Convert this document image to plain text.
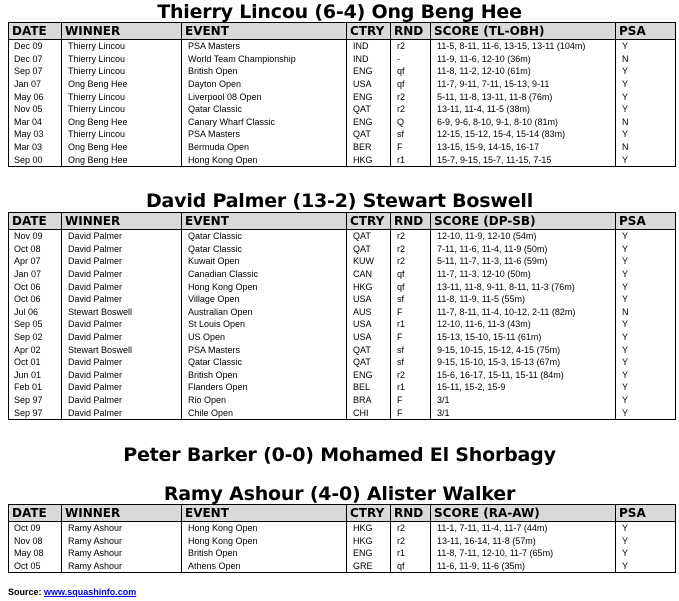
Thierry Lincou (6-4) Ong Beng Hee
DATE	WINNER	EVENT	CTRY	RND	SCORE (TL-OBH)	PSA
Dec 09	Thierry Lincou	PSA Masters	IND	r2	11-5, 8-11, 11-6, 13-15, 13-11 (104m)	Y
Dec 07	Thierry Lincou	World Team Championship	IND	-	11-9, 11-6, 12-10 (36m)	N
Sep 07	Thierry Lincou	British Open	ENG	qf	11-8, 11-2, 12-10 (61m)	Y
Jan 07	Ong Beng Hee	Dayton Open	USA	qf	11-7, 9-11, 7-11, 15-13, 9-11	Y
May 06	Thierry Lincou	Liverpool 08 Open	ENG	r2	5-11, 11-8, 13-11, 11-8 (76m)	Y
Nov 05	Thierry Lincou	Qatar Classic	QAT	r2	13-11, 11-4, 11-5 (38m)	Y
Mar 04	Ong Beng Hee	Canary Wharf Classic	ENG	Q	6-9, 9-6, 8-10, 9-1, 8-10 (81m)	N
May 03	Thierry Lincou	PSA Masters	QAT	sf	12-15, 15-12, 15-4, 15-14 (83m)	Y
Mar 03	Ong Beng Hee	Bermuda Open	BER	F	13-15, 15-9, 14-15, 16-17	N
Sep 00	Ong Beng Hee	Hong Kong Open	HKG	r1	15-7, 9-15, 15-7, 11-15, 7-15	Y
David Palmer (13-2) Stewart Boswell
DATE	WINNER	EVENT	CTRY	RND	SCORE (DP-SB)	PSA
Nov 09	David Palmer	Qatar Classic	QAT	r2	12-10, 11-9, 12-10 (54m)	Y
Oct 08	David Palmer	Qatar Classic	QAT	r2	7-11, 11-6, 11-4, 11-9 (50m)	Y
Apr 07	David Palmer	Kuwait Open	KUW	r2	5-11, 11-7, 11-3, 11-6 (59m)	Y
Jan 07	David Palmer	Canadian Classic	CAN	qf	11-7, 11-3, 12-10 (50m)	Y
Oct 06	David Palmer	Hong Kong Open	HKG	qf	13-11, 11-8, 9-11, 8-11, 11-3 (76m)	Y
Oct 06	David Palmer	Village Open	USA	sf	11-8, 11-9, 11-5 (55m)	Y
Jul 06	Stewart Boswell	Australian Open	AUS	F	11-7, 8-11, 11-4, 10-12, 2-11 (82m)	N
Sep 05	David Palmer	St Louis Open	USA	r1	12-10, 11-6, 11-3 (43m)	Y
Sep 02	David Palmer	US Open	USA	F	15-13, 15-10, 15-11 (61m)	Y
Apr 02	Stewart Boswell	PSA Masters	QAT	sf	9-15, 10-15, 15-12, 4-15 (75m)	Y
Oct 01	David Palmer	Qatar Classic	QAT	sf	9-15, 15-10, 15-3, 15-13 (67m)	Y
Jun 01	David Palmer	British Open	ENG	r2	15-6, 16-17, 15-11, 15-11 (84m)	Y
Feb 01	David Palmer	Flanders Open	BEL	r1	15-11, 15-2, 15-9	Y
Sep 97	David Palmer	Rio Open	BRA	F	3/1	Y
Sep 97	David Palmer	Chile Open	CHI	F	3/1	Y
Peter Barker (0-0) Mohamed El Shorbagy
Ramy Ashour (4-0) Alister Walker
DATE	WINNER	EVENT	CTRY	RND	SCORE (RA-AW)	PSA
Oct 09	Ramy Ashour	Hong Kong Open	HKG	r2	11-1, 7-11, 11-4, 11-7 (44m)	Y
Nov 08	Ramy Ashour	Hong Kong Open	HKG	r2	13-11, 16-14, 11-8 (57m)	Y
May 08	Ramy Ashour	British Open	ENG	r1	11-8, 7-11, 12-10, 11-7 (65m)	Y
Oct 05	Ramy Ashour	Athens Open	GRE	qf	11-6, 11-9, 11-6 (35m)	Y
Source: www.squashinfo.com
